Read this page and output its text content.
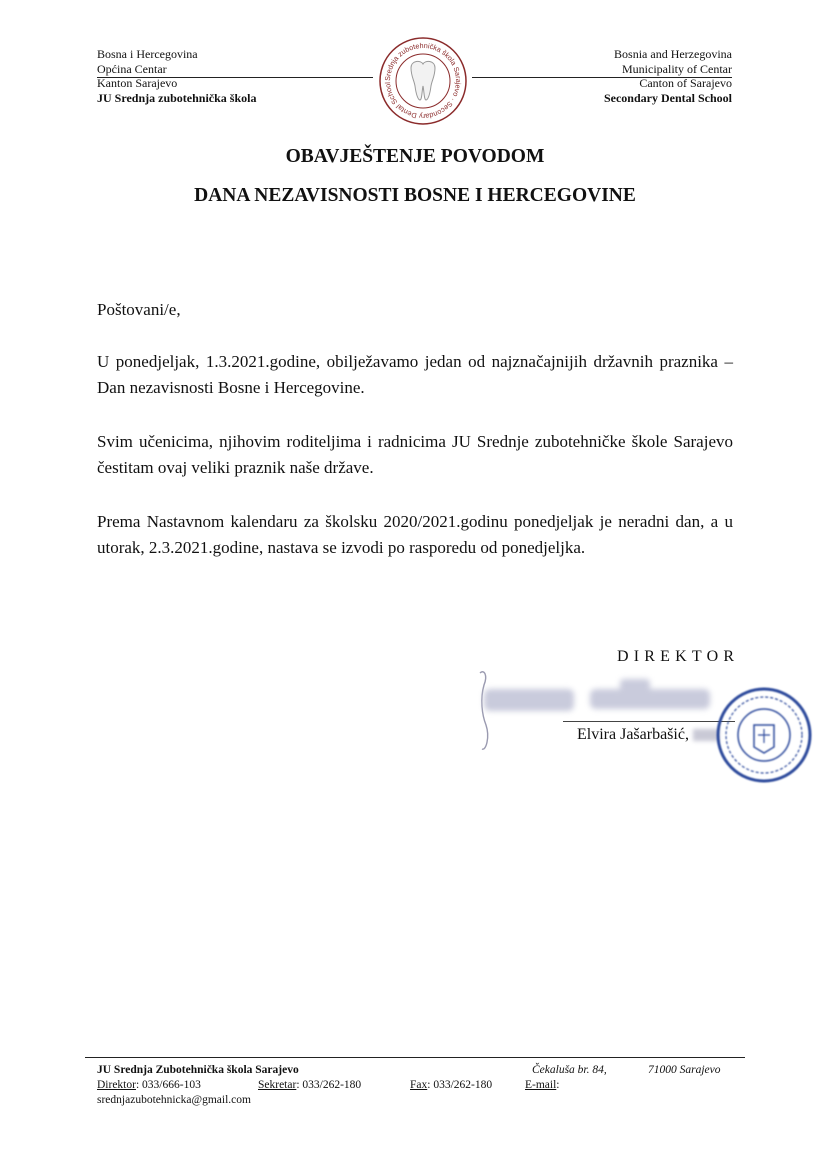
Bosna i Hercegovina
Općina Centar
Kanton Sarajevo
JU Srednja zubotehnička škola
Srednja zubotehnička škola Sarajevo · Secondary Dental School
Bosnia and Herzegovina
Municipality of Centar
Canton of Sarajevo
Secondary Dental School
OBAVJEŠTENJE POVODOM
DANA NEZAVISNOSTI BOSNE I HERCEGOVINE
Poštovani/e,
U ponedjeljak, 1.3.2021.godine, obilježavamo jedan od najznačajnijih državnih praznika – Dan nezavisnosti Bosne i Hercegovine.
Svim učenicima, njihovim roditeljima i radnicima JU Srednje zubotehničke škole Sarajevo čestitam ovaj veliki praznik naše države.
Prema Nastavnom kalendaru za školsku 2020/2021.godinu ponedjeljak je neradni dan, a u utorak, 2.3.2021.godine, nastava se izvodi po rasporedu od ponedjeljka.
DIREKTOR
Elvira Jašarbašić,
JU Srednja Zubotehnička škola Sarajevo	Čekaluša br. 84,	71000 Sarajevo
Direktor: 033/666-103	Sekretar: 033/262-180	Fax: 033/262-180	E-mail:
srednjazubotehnicka@gmail.com
